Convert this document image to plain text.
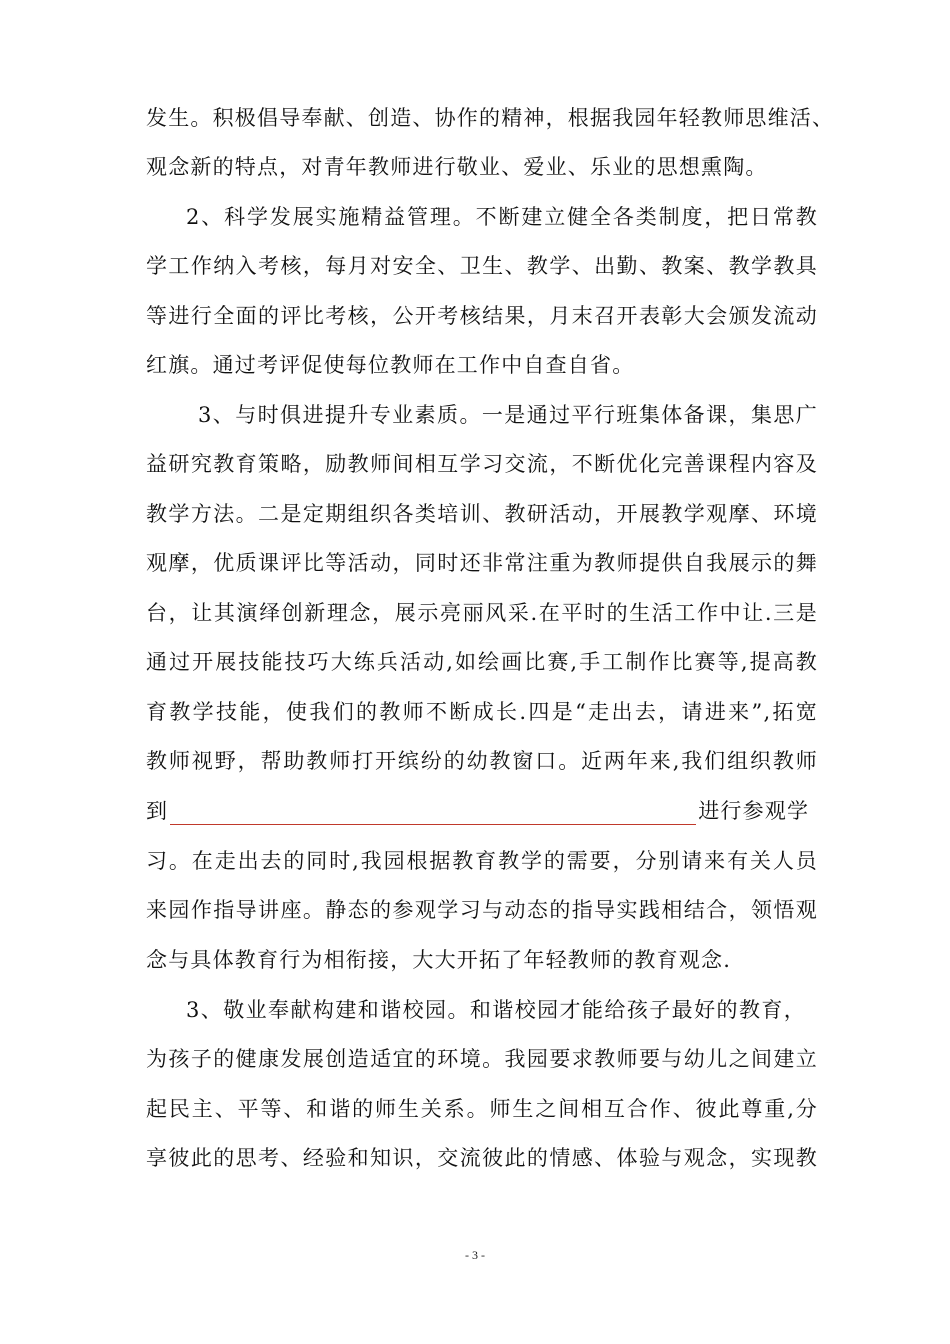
发生。积极倡导奉献、创造、协作的精神，根据我园年轻教师思维活、
观念新的特点，对青年教师进行敬业、爱业、乐业的思想熏陶。
2、科学发展实施精益管理。不断建立健全各类制度，把日常教
学工作纳入考核，每月对安全、卫生、教学、出勤、教案、教学教具
等进行全面的评比考核，公开考核结果，月末召开表彰大会颁发流动
红旗。通过考评促使每位教师在工作中自查自省。
3、与时俱进提升专业素质。一是通过平行班集体备课，集思广
益研究教育策略，励教师间相互学习交流，不断优化完善课程内容及
教学方法。二是定期组织各类培训、教研活动，开展教学观摩、环境
观摩，优质课评比等活动，同时还非常注重为教师提供自我展示的舞
台，让其演绎创新理念，展示亮丽风采.在平时的生活工作中让.三是
通过开展技能技巧大练兵活动,如绘画比赛,手工制作比赛等,提高教
育教学技能，使我们的教师不断成长.四是“走出去，请进来”,拓宽
教师视野，帮助教师打开缤纷的幼教窗口。近两年来,我们组织教师
到	进行参观学
习。在走出去的同时,我园根据教育教学的需要，分别请来有关人员
来园作指导讲座。静态的参观学习与动态的指导实践相结合，领悟观
念与具体教育行为相衔接，大大开拓了年轻教师的教育观念.
3、敬业奉献构建和谐校园。和谐校园才能给孩子最好的教育，
为孩子的健康发展创造适宜的环境。我园要求教师要与幼儿之间建立
起民主、平等、和谐的师生关系。师生之间相互合作、彼此尊重,分
享彼此的思考、经验和知识，交流彼此的情感、体验与观念，实现教
- 3 -
